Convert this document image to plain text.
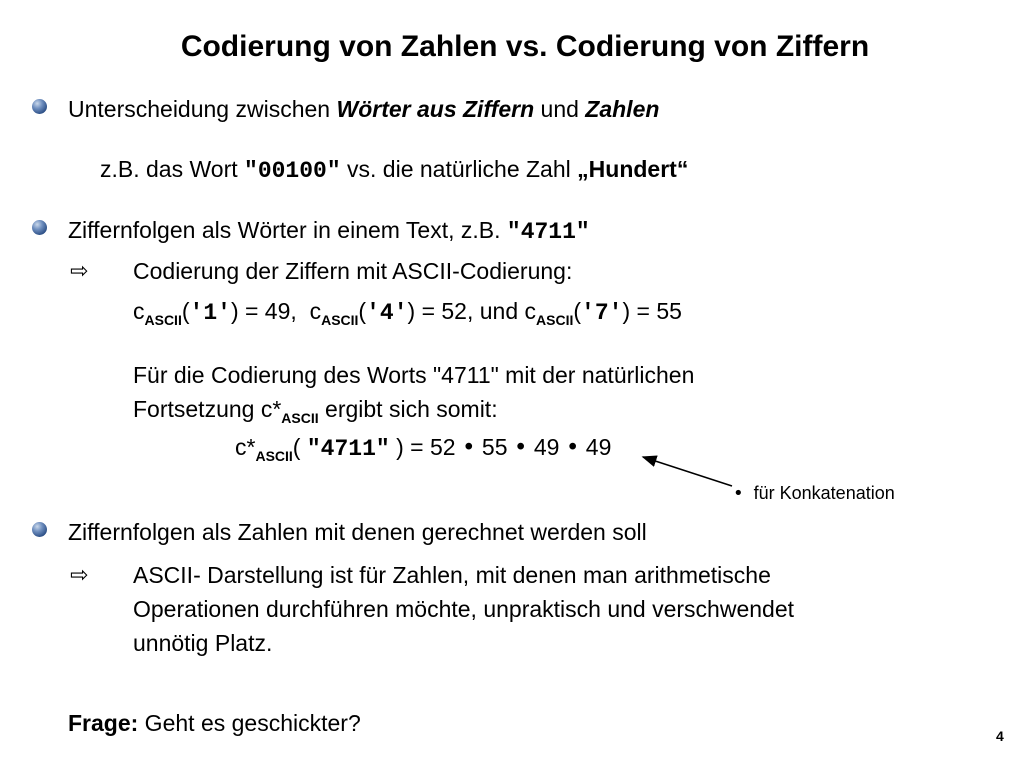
Codierung von Zahlen vs. Codierung von Ziffern
Unterscheidung zwischen Wörter aus Ziffern und Zahlen
z.B. das Wort "00100" vs. die natürliche Zahl „Hundert“
Ziffernfolgen als Wörter in einem Text, z.B. "4711"
⇨ Codierung der Ziffern mit ASCII-Codierung:
$c_{ASCII}('1') = 49$, $c_{ASCII}('4') = 52$, und $c_{ASCII}('7') = 55$
Für die Codierung des Worts "4711" mit der natürlichen
Fortsetzung $c*_{ASCII}$ ergibt sich somit:
$c*_{ASCII}$( "4711" ) = 52 • 55 • 49 • 49
• für Konkatenation
Ziffernfolgen als Zahlen mit denen gerechnet werden soll
⇨ ASCII- Darstellung ist für Zahlen, mit denen man arithmetische
Operationen durchführen möchte, unpraktisch und verschwendet
unnötig Platz.
Frage: Geht es geschickter?	4
